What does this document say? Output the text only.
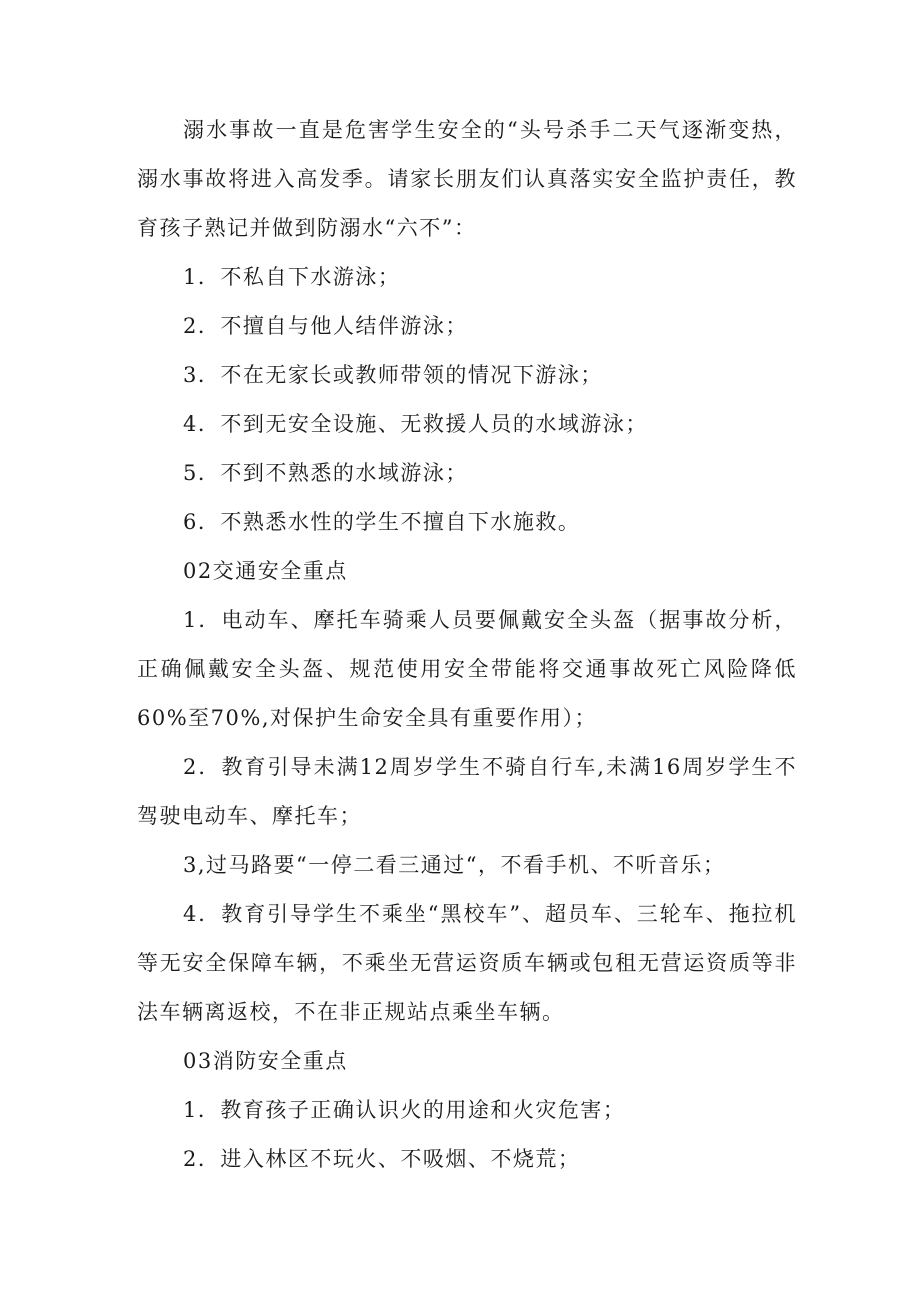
溺水事故一直是危害学生安全的“头号杀手二天气逐渐变热，溺水事故将进入高发季。请家长朋友们认真落实安全监护责任，教育孩子熟记并做到防溺水“六不”：

1．不私自下水游泳；

2．不擅自与他人结伴游泳；

3．不在无家长或教师带领的情况下游泳；

4．不到无安全设施、无救援人员的水域游泳；

5．不到不熟悉的水域游泳；

6．不熟悉水性的学生不擅自下水施救。

02交通安全重点

1．电动车、摩托车骑乘人员要佩戴安全头盔（据事故分析，正确佩戴安全头盔、规范使用安全带能将交通事故死亡风险降低60%至70%,对保护生命安全具有重要作用）；

2．教育引导未满12周岁学生不骑自行车,未满16周岁学生不驾驶电动车、摩托车；

3,过马路要“一停二看三通过“，不看手机、不听音乐；

4．教育引导学生不乘坐“黑校车”、超员车、三轮车、拖拉机等无安全保障车辆，不乘坐无营运资质车辆或包租无营运资质等非法车辆离返校，不在非正规站点乘坐车辆。

03消防安全重点

1．教育孩子正确认识火的用途和火灾危害；

2．进入林区不玩火、不吸烟、不烧荒；
